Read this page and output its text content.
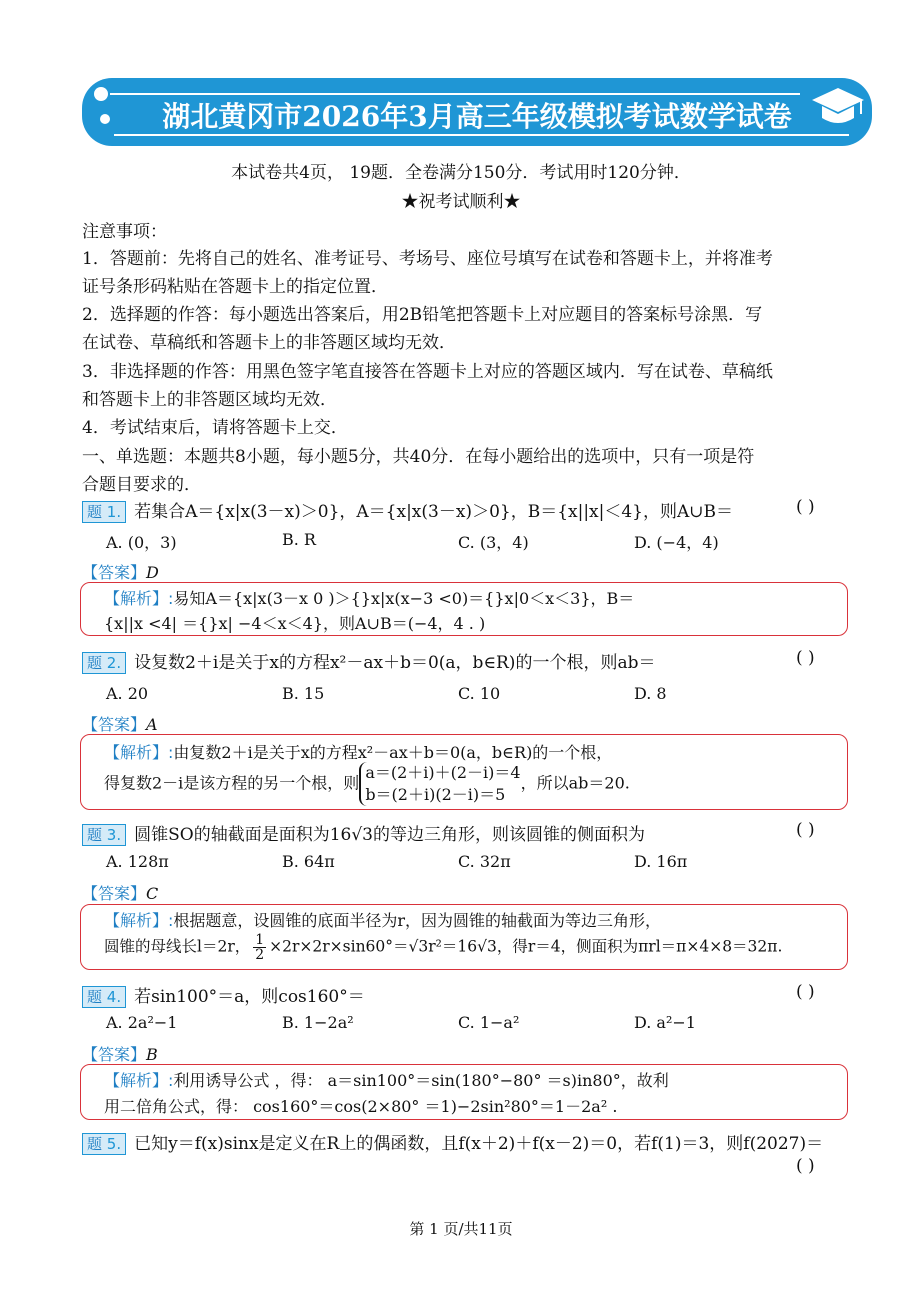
湖北黄冈市2026年3月高三年级模拟考试数学试卷
本试卷共4页， 19题．全卷满分150分．考试用时120分钟．
★祝考试顺利★
注意事项：
1．答题前：先将自己的姓名、准考证号、考场号、座位号填写在试卷和答题卡上，并将准考
证号条形码粘贴在答题卡上的指定位置．
2．选择题的作答：每小题选出答案后，用2B铅笔把答题卡上对应题目的答案标号涂黑．写
在试卷、草稿纸和答题卡上的非答题区域均无效．
3．非选择题的作答：用黑色签字笔直接答在答题卡上对应的答题区域内．写在试卷、草稿纸
和答题卡上的非答题区域均无效．
4．考试结束后，请将答题卡上交．
一、单选题：本题共8小题，每小题5分，共40分．在每小题给出的选项中，只有一项是符
合题目要求的．
题 1. 若集合A＝{x|x(3－x)＞0}，A＝{x|x(3－x)＞0}，B＝{x||x|＜4}，则A∪B＝	( )
A. (0，3)	B. R	C. (3，4)	D. (−4，4)
【答案】D
【解析】:易知A＝{x|x(3－x 0 )＞{}x|x(x−3 <0)＝{}x|0＜x＜3}，B＝
{x||x <4| ＝{}x| −4＜x＜4}，则A∪B＝(−4，4 . )
题 2. 设复数2＋i是关于x的方程x²－ax＋b＝0(a，b∈R)的一个根，则ab＝	( )
A. 20	B. 15	C. 10	D. 8
【答案】A
【解析】:由复数2＋i是关于x的方程x²－ax＋b＝0(a，b∈R)的一个根，
得复数2－i是该方程的另一个根，则
a＝(2＋i)＋(2－i)＝4
b＝(2＋i)(2－i)＝5
，所以ab＝20.
题 3. 圆锥SO的轴截面是面积为16√3的等边三角形，则该圆锥的侧面积为	( )
A. 128π	B. 64π	C. 32π	D. 16π
【答案】C
【解析】:根据题意，设圆锥的底面半径为r，因为圆锥的轴截面为等边三角形，
圆锥的母线长l＝2r， $\frac{1}{2} \times 2r\times 2r\times\sin 60^\circ=√3r^2=16√3$，得r＝4，侧面积为πrl＝π×4×8＝32π.
题 4. 若sin100°＝a，则cos160°＝	( )
A. 2a²−1	B. 1−2a²	C. 1−a²	D. a²−1
【答案】B
【解析】:利用诱导公式 ，得： a＝sin100°＝sin(180°−80° ＝s)in80°，故利
用二倍角公式，得： cos160°＝cos(2×80° ＝1)−2sin²80°＝1－2a² .
题 5. 已知y＝f(x)sinx是定义在R上的偶函数，且f(x＋2)＋f(x－2)＝0，若f(1)＝3，则f(2027)＝
( )
第 1 页/共11页
